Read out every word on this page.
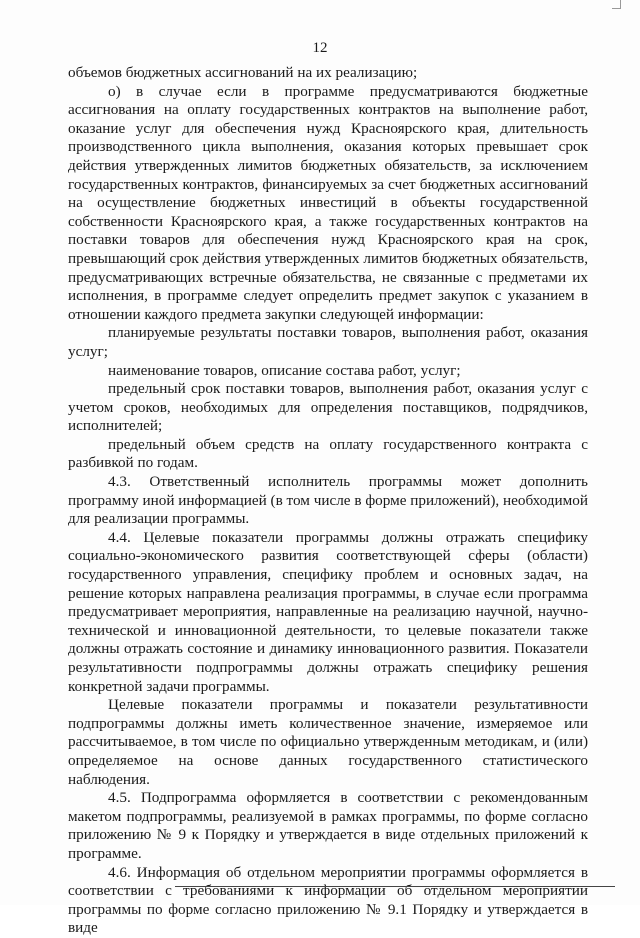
12

объемов бюджетных ассигнований на их реализацию;

о) в случае если в программе предусматриваются бюджетные ассигнования на оплату государственных контрактов на выполнение работ, оказание услуг для обеспечения нужд Красноярского края, длительность производственного цикла выполнения, оказания которых превышает срок действия утвержденных лимитов бюджетных обязательств, за исключением государственных контрактов, финансируемых за счет бюджетных ассигнований на осуществление бюджетных инвестиций в объекты государственной собственности Красноярского края, а также государственных контрактов на поставки товаров для обеспечения нужд Красноярского края на срок, превышающий срок действия утвержденных лимитов бюджетных обязательств, предусматривающих встречные обязательства, не связанные с предметами их исполнения, в программе следует определить предмет закупок с указанием в отношении каждого предмета закупки следующей информации:

планируемые результаты поставки товаров, выполнения работ, оказания услуг;

наименование товаров, описание состава работ, услуг;

предельный срок поставки товаров, выполнения работ, оказания услуг с учетом сроков, необходимых для определения поставщиков, подрядчиков, исполнителей;

предельный объем средств на оплату государственного контракта с разбивкой по годам.

4.3. Ответственный исполнитель программы может дополнить программу иной информацией (в том числе в форме приложений), необходимой для реализации программы.

4.4. Целевые показатели программы должны отражать специфику социально-экономического развития соответствующей сферы (области) государственного управления, специфику проблем и основных задач, на решение которых направлена реализация программы, в случае если программа предусматривает мероприятия, направленные на реализацию научной, научно-технической и инновационной деятельности, то целевые показатели также должны отражать состояние и динамику инновационного развития. Показатели результативности подпрограммы должны отражать специфику решения конкретной задачи программы.

Целевые показатели программы и показатели результативности подпрограммы должны иметь количественное значение, измеряемое или рассчитываемое, в том числе по официально утвержденным методикам, и (или) определяемое на основе данных государственного статистического наблюдения.

4.5. Подпрограмма оформляется в соответствии с рекомендованным макетом подпрограммы, реализуемой в рамках программы, по форме согласно приложению № 9 к Порядку и утверждается в виде отдельных приложений к программе.

4.6. Информация об отдельном мероприятии программы оформляется в соответствии с требованиями к информации об отдельном мероприятии программы по форме согласно приложению № 9.1 Порядку и утверждается в виде
